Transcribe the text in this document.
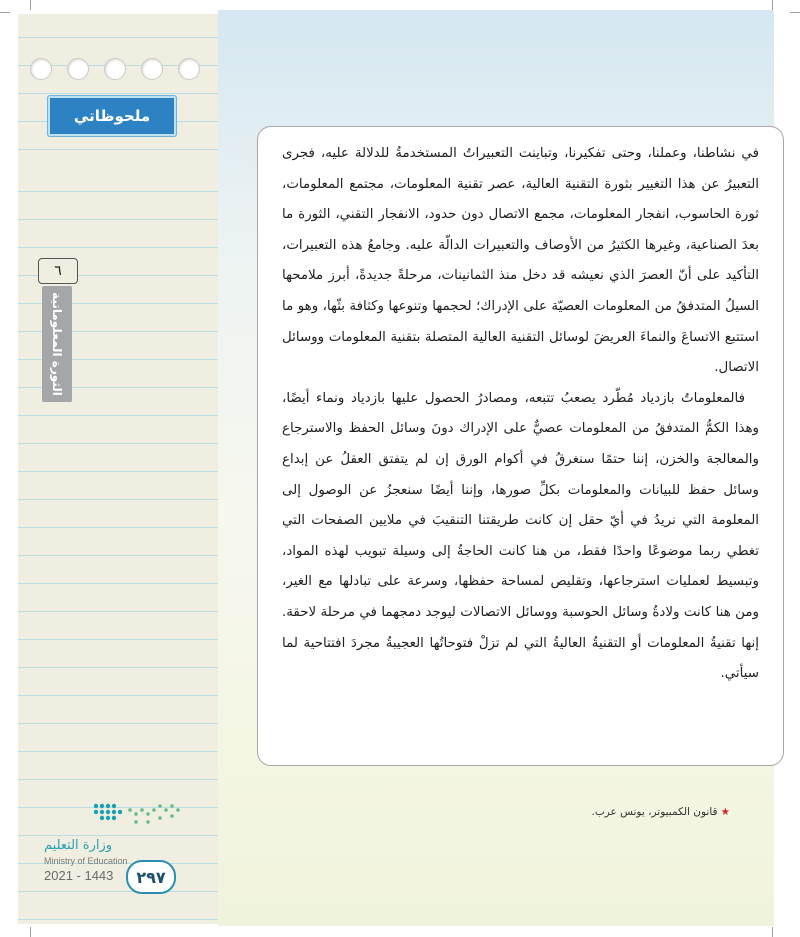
ملحوظاتي
٦
الثورة المعلوماتية
وزارة التعليم
Ministry of Education
2021 - 1443	٢٩٧

في نشاطنا، وعملنا، وحتى تفكيرنا، وتباينت التعبيراتُ المستخدمةُ للدلالة عليه، فجرى التعبيرُ عن هذا التغيير بثورة التقنية العالية، عصر تقنية المعلومات، مجتمع المعلومات، ثورة الحاسوب، انفجار المعلومات، مجمع الاتصال دون حدود، الانفجار التقني، الثورة ما بعدَ الصناعية، وغيرها الكثيرُ من الأوصاف والتعبيرات الدالّة عليه. وجامعُ هذه التعبيرات، التأكيد على أنّ العصرَ الذي نعيشه قد دخل منذ الثمانينات، مرحلةً جديدةً، أبرز ملامحها السيلُ المتدفقُ من المعلومات العصيّة على الإدراك؛ لحجمها وتنوعها وكثافة بثّها، وهو ما استتبع الاتساعَ والنماءَ العريضَ لوسائل التقنية العالية المتصلة بتقنية المعلومات ووسائل الاتصال.

فالمعلوماتُ بازدياد مُطّرد يصعبُ تتبعه، ومصادرُ الحصول عليها بازدياد ونماء أيضًا، وهذا الكمُّ المتدفقُ من المعلومات عصيٌّ على الإدراك دونَ وسائل الحفظ والاسترجاع والمعالجة والخزن، إننا حتمًا سنغرقُ في أكوام الورق إن لم يتفتق العقلُ عن إبداع وسائل حفظ للبيانات والمعلومات بكلِّ صورها، وإننا أيضًا سنعجزُ عن الوصول إلى المعلومة التي نريدُ في أيّ حقل إن كانت طريقتنا التنقيبَ في ملايين الصفحات التي تغطي ربما موضوعًا واحدًا فقط، من هنا كانت الحاجةُ إلى وسيلة تبويب لهذه المواد، وتبسيط لعمليات استرجاعها، وتقليص لمساحة حفظها، وسرعة على تبادلها مع الغير، ومن هنا كانت ولادةُ وسائل الحوسبة ووسائل الاتصالات ليوجد دمجهما في مرحلة لاحقة. إنها تقنيةُ المعلومات أو التقنيةُ العاليةُ التي لم تزلْ فتوحاتُها العجيبةُ مجردَ افتتاحية لما سيأتي.

★قانون الكمبيوتر، يونس عرب.
